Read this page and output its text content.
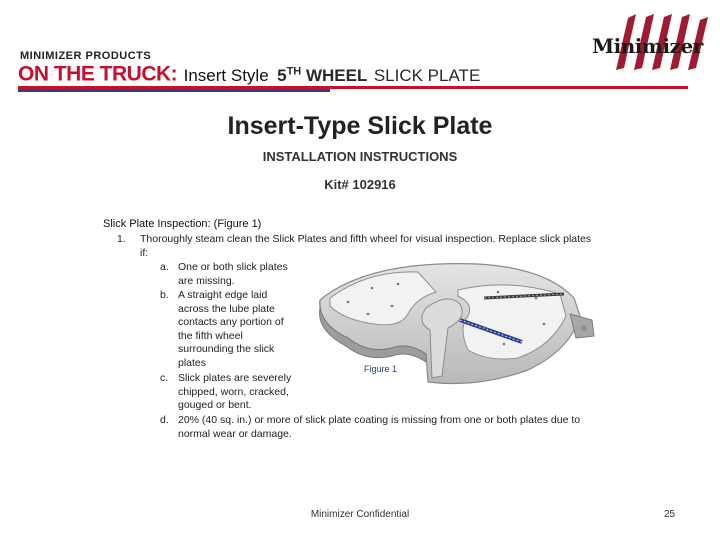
MINIMIZER PRODUCTS
ON THE TRUCK: Insert Style 5TH WHEEL SLICK PLATE
Minimizer
Insert-Type Slick Plate
INSTALLATION INSTRUCTIONS
Kit# 102916
Slick Plate Inspection: (Figure 1)
1. Thoroughly steam clean the Slick Plates and fifth wheel for visual inspection. Replace slick plates if:
a. One or both slick plates
are missing.
b. A straight edge laid
across the lube plate
contacts any portion of
the fifth wheel
surrounding the slick
plates
c. Slick plates are severely
chipped, worn, cracked,
gouged or bent.
d. 20% (40 sq. in.) or more of slick plate coating is missing from one or both plates due to
normal wear or damage.
Figure 1
Minimizer Confidential	25
